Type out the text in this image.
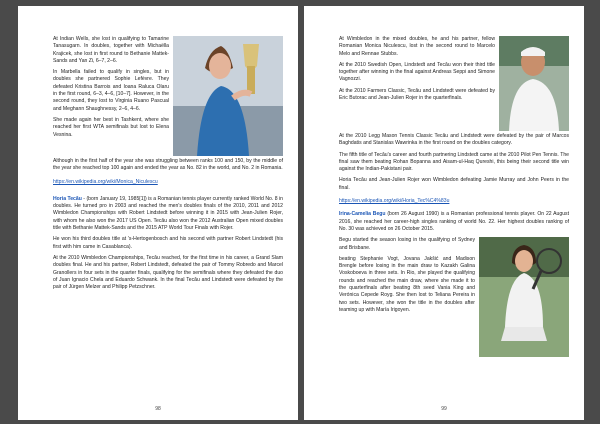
At Indian Wells, she lost in qualifying to Tamarine Tanasugarn. In doubles, together with Michaëlla Krajicek, she lost in first round to Bethanie Mattek-Sands and Yan Zi, 6–7, 2–6.

In Marbella failed to qualify in singles, but in doubles she partnered Sophie Lefèvre. They defeated Kristina Barrois and Ioana Raluca Olaru in the first round, 6–3, 4–6, [10–7]. However, in the second round, they lost to Virginia Ruano Pascual and Meghann Shaughnessy, 2–6, 4–6.

She made again her best in Tashkent, where she reached her first WTA semifinals but lost to Elena Vesnina.

Although in the first half of the year she was struggling between ranks 100 and 150, by the middle of the year she reached top 100 again and ended the year as No. 82 in the world, and No. 2 in Romania.

https://en.wikipedia.org/wiki/Monica_Niculescu

Horia Tecău - (born January 19, 1985[1]) is a Romanian tennis player currently ranked World No. 8 in doubles. He turned pro in 2003 and reached the men's doubles finals of the 2010, 2011 and 2012 Wimbledon Championships with Robert Lindstedt before winning it in 2015 with Jean-Julien Rojer, with whom he also won the 2017 US Open. Tecău also won the 2012 Australian Open mixed doubles title with Bethanie Mattek-Sands and the 2015 ATP World Tour Finals with Rojer.

He won his third doubles title at 's-Hertogenbosch and his second with partner Robert Lindstedt (his first with him came in Casablanca).

At the 2010 Wimbledon Championships, Tecău reached, for the first time in his career, a Grand Slam doubles final. He and his partner, Robert Lindstedt, defeated the pair of Tommy Robredo and Marcel Granollers in four sets in the quarter finals, qualifying for the semifinals where they defeated the duo of Juan Ignacio Chela and Eduardo Schwank. In the final Tecău and Lindstedt were defeated by the pair of Jürgen Melzer and Philipp Petzschner.

98

At Wimbledon in the mixed doubles, he and his partner, fellow Romanian Monica Niculescu, lost in the second round to Marcelo Melo and Rennae Stubbs.

At the 2010 Swedish Open, Lindstedt and Tecău won their third title together after winning in the final against Andreas Seppi and Simone Vagnozzi.

At the 2010 Farmers Classic, Tecău and Lindstedt were defeated by Eric Butorac and Jean-Julien Rojer in the quarterfinals.

At the 2010 Legg Mason Tennis Classic Tecău and Lindstedt were defeated by the pair of Marcos Baghdatis and Stanislas Wawrinka in the first round on the doubles category.

The fifth title of Tecău's career and fourth partnering Lindstedt came at the 2010 Pilot Pen Tennis. The final saw them beating Rohan Bopanna and Aisam-ul-Haq Qureshi, this being their second title win against the Indian-Pakistani pair.

Horia Tecău and Jean-Julien Rojer won Wimbledon defeating Jamie Murray and John Peers in the final.

https://en.wikipedia.org/wiki/Horia_Tec%C4%83u

Irina-Camelia Begu (born 26 August 1990) is a Romanian professional tennis player. On 22 August 2016, she reached her career-high singles ranking of world No. 22. Her highest doubles ranking of No. 30 was achieved on 26 October 2015.

Begu started the season losing in the qualifying of Sydney and Brisbane.

beating Stephanie Vogt, Jovana Jakšić and Madison Brengle before losing in the main draw to Kazakh Galina Voskoboeva in three sets. In Rio, she played the qualifying rounds and reached the main draw, where she made it to the quarterfinals after beating 8th seed Vania King and Verónica Cepede Royg. She then lost to Teliana Pereira in two sets. However, she won the title in the doubles after teaming up with María Irigoyen.

99
